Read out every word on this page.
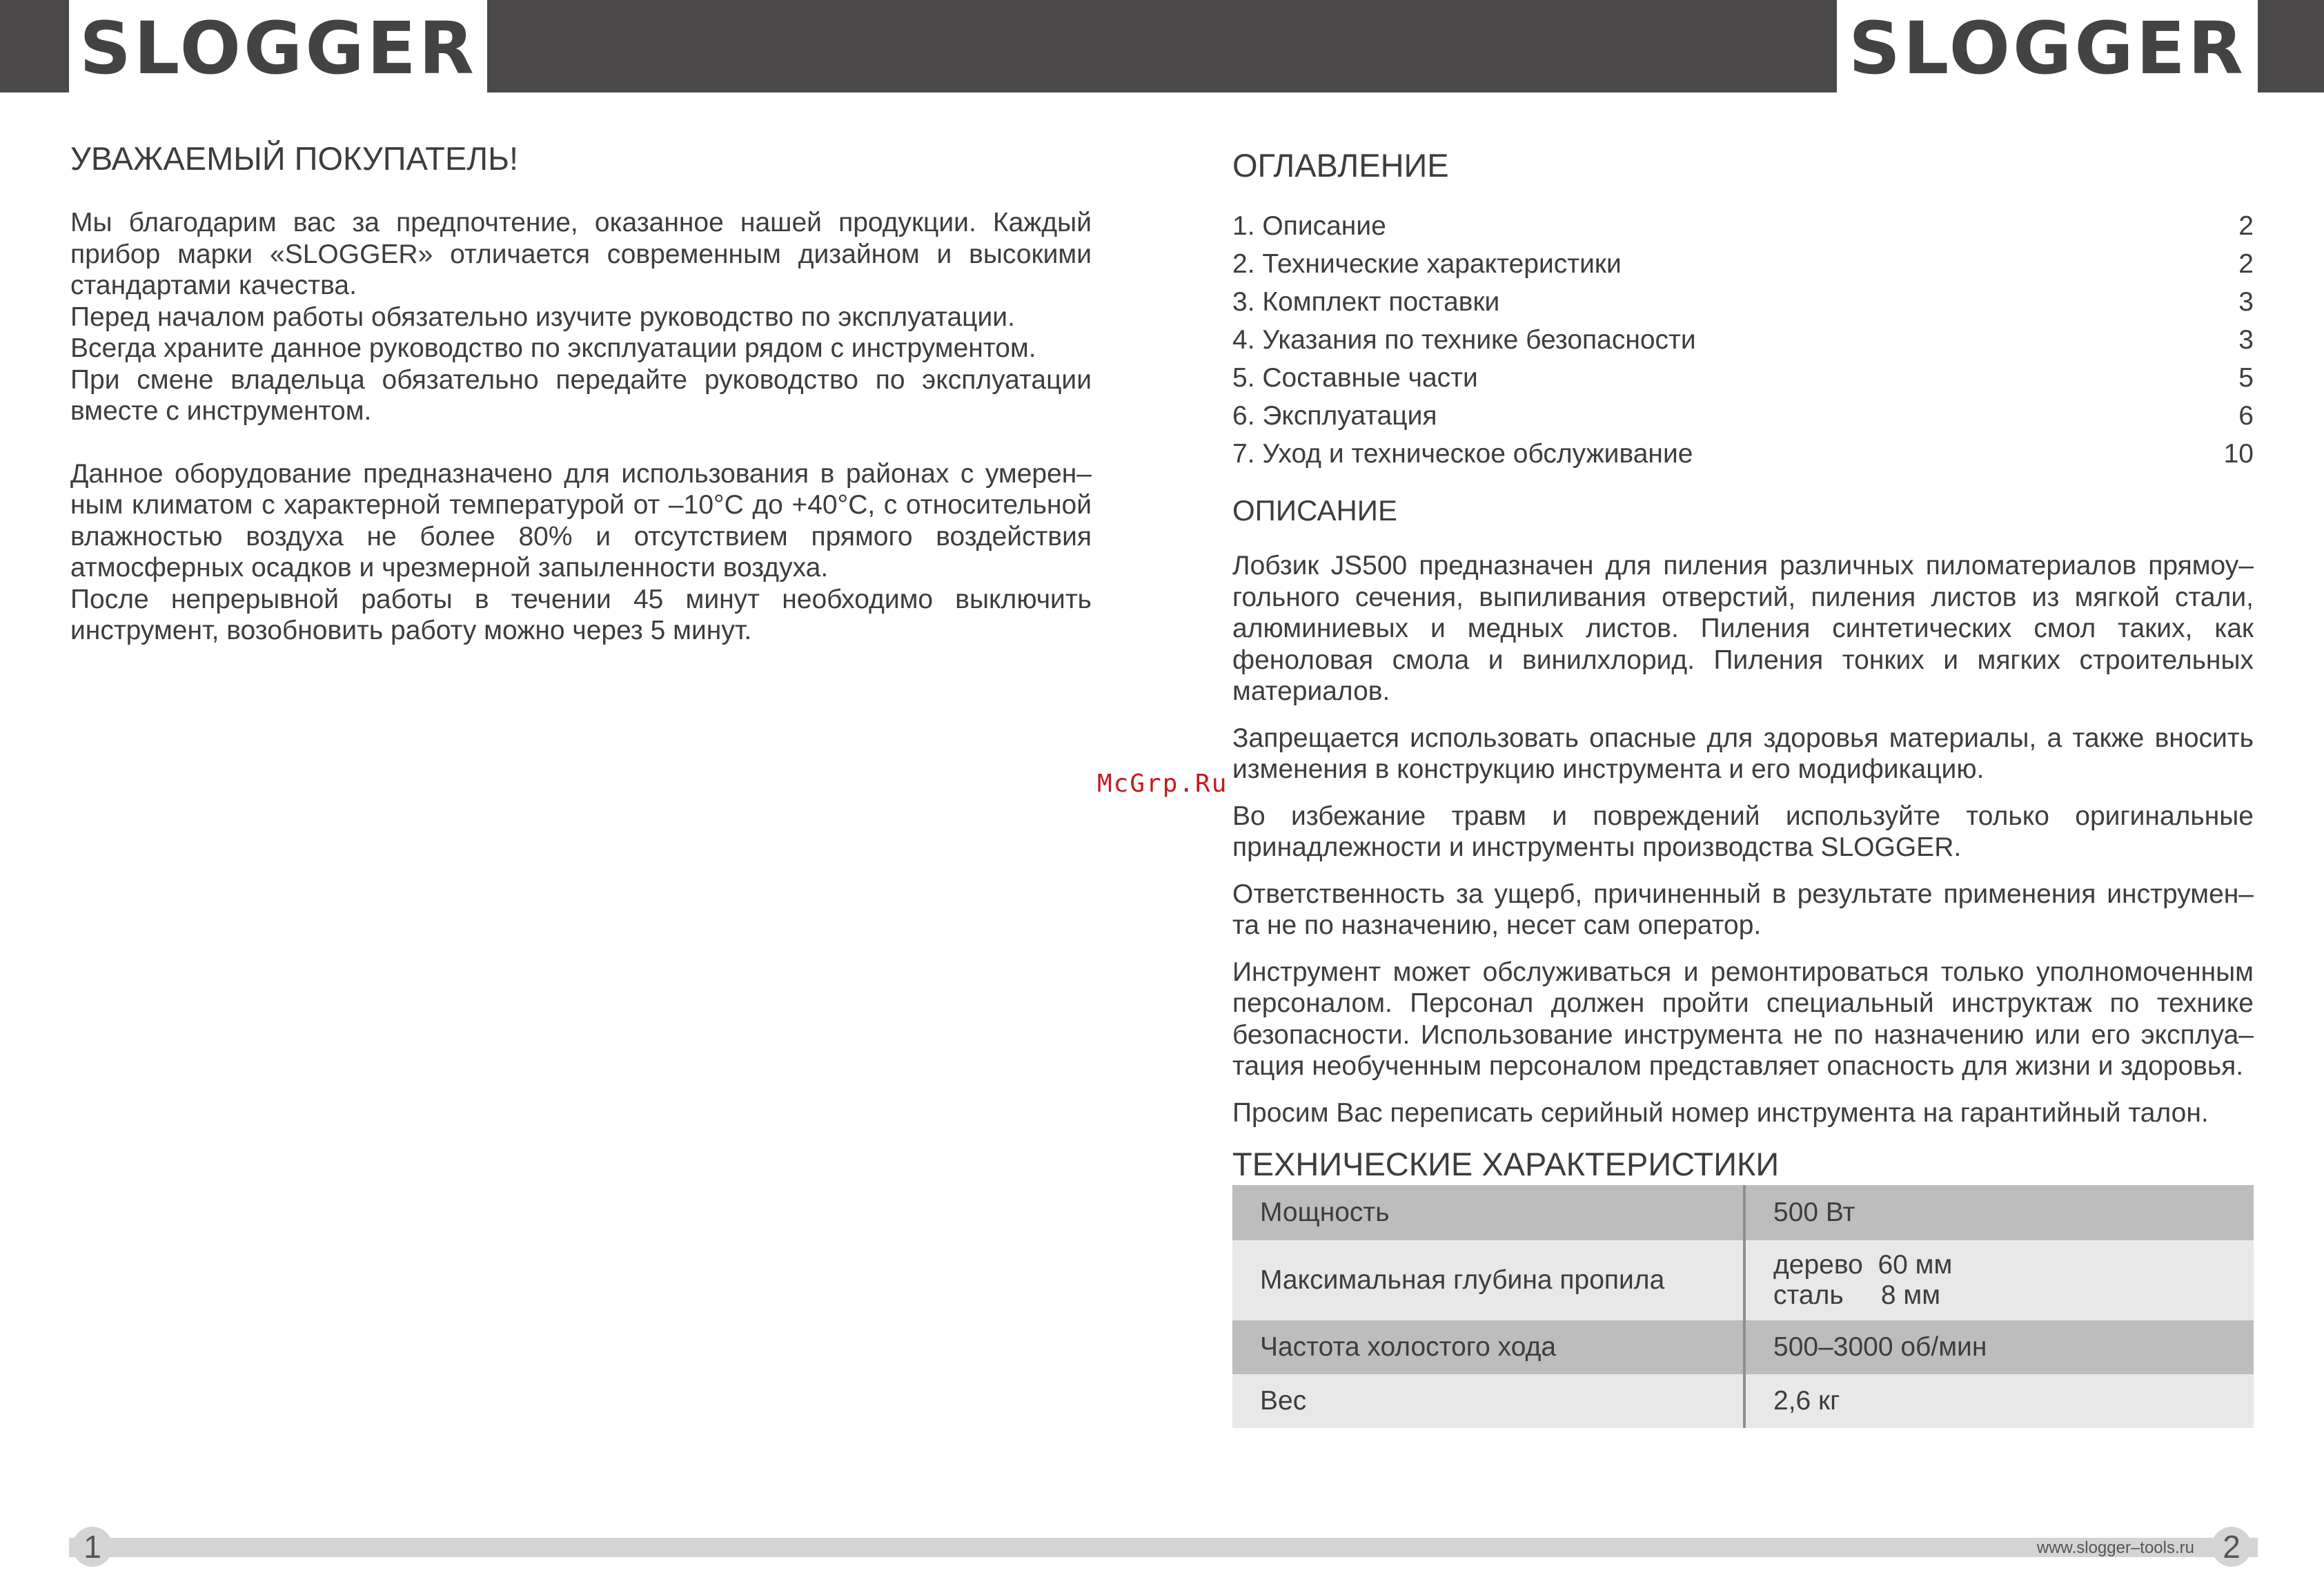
SLOGGER	SLOGGER
УВАЖАЕМЫЙ ПОКУПАТЕЛЬ!

Мы благодарим вас за предпочтение, оказанное нашей продукции. Каждый прибор марки «SLOGGER» отличается современным дизайном и высокими стандартами качества.

Перед началом работы обязательно изучите руководство по эксплуатации.

Всегда храните данное руководство по эксплуатации рядом с инструментом.

При смене владельца обязательно передайте руководство по эксплуатации вместе с инструментом.

Данное оборудование предназначено для использования в районах с умерен– ным климатом с характерной температурой от –10°С до +40°С, с относительной влажностью воздуха не более 80% и отсутствием прямого воздействия атмосферных осадков и чрезмерной запыленности воздуха.

После непрерывной работы в течении 45 минут необходимо выключить инструмент, возобновить работу можно через 5 минут.

ОГЛАВЛЕНИЕ
1. Описание	2
2. Технические характеристики	2
3. Комплект поставки	3
4. Указания по технике безопасности	3
5. Составные части	5
6. Эксплуатация	6
7. Уход и техническое обслуживание	10
ОПИСАНИЕ

Лобзик JS500 предназначен для пиления различных пиломатериалов прямоу– гольного сечения, выпиливания отверстий, пиления листов из мягкой стали, алюминиевых и медных листов. Пиления синтетических смол таких, как феноловая смола и винилхлорид. Пиления тонких и мягких строительных материалов.

Запрещается использовать опасные для здоровья материалы, а также вносить изменения в конструкцию инструмента и его модификацию.

Во избежание травм и повреждений используйте только оригинальные принадлежности и инструменты производства SLOGGER.

Ответственность за ущерб, причиненный в результате применения инструмен– та не по назначению, несет сам оператор.

Инструмент может обслуживаться и ремонтироваться только уполномоченным персоналом. Персонал должен пройти специальный инструктаж по технике безопасности. Использование инструмента не по назначению или его эксплуа– тация необученным персоналом представляет опасность для жизни и здоровья.

Просим Вас переписать серийный номер инструмента на гарантийный талон.

ТЕХНИЧЕСКИЕ ХАРАКТЕРИСТИКИ
Мощность	500 Вт
Максимальная глубина пропила	дерево  60 мм
сталь     8 мм

Частота холостого хода	500–3000 об/мин
Вес	2,6 кг
McGrp.Ru
1	www.slogger–tools.ru 2
